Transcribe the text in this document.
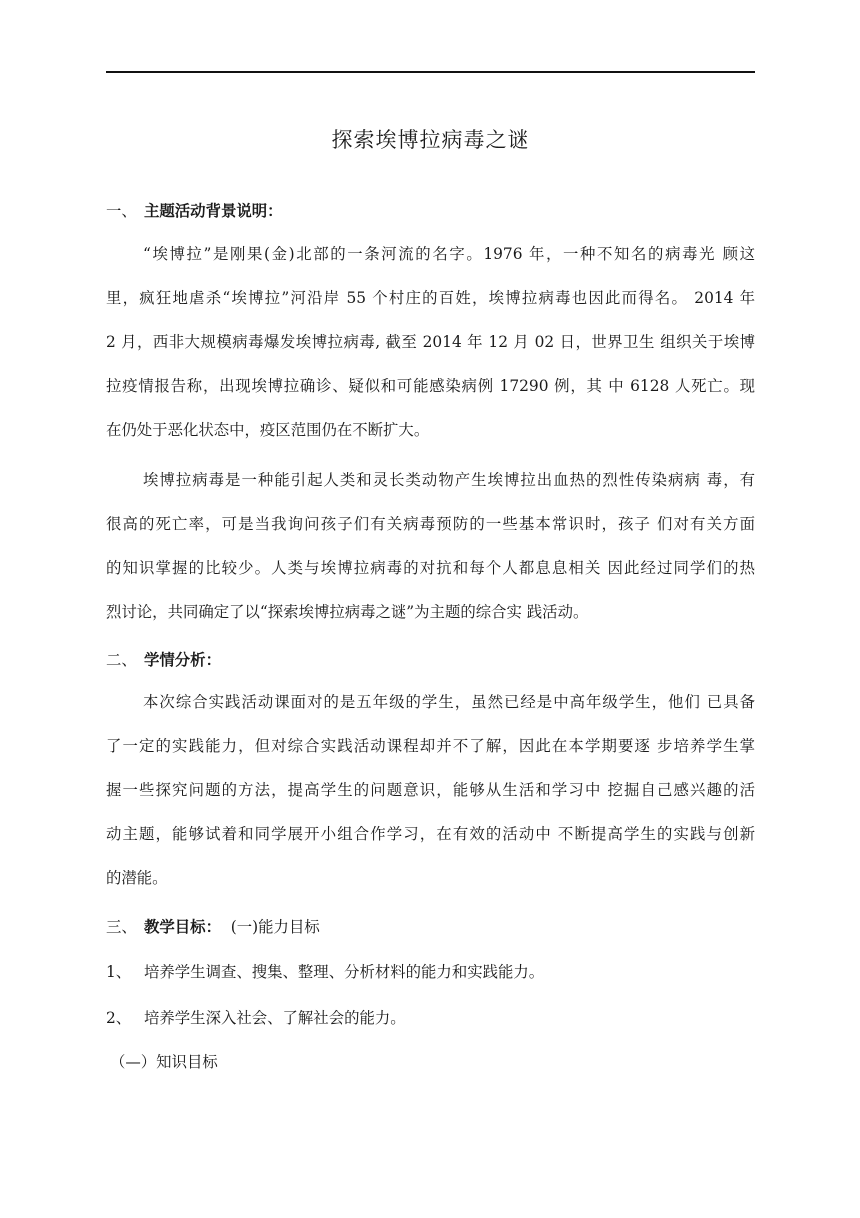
探索埃博拉病毒之谜
一、 主题活动背景说明：
“埃博拉”是刚果(金)北部的一条河流的名字。1976 年，一种不知名的病毒光 顾这
里，疯狂地虐杀“埃博拉”河沿岸 55 个村庄的百姓，埃博拉病毒也因此而得名。 2014 年
2 月，西非大规模病毒爆发埃博拉病毒, 截至 2014 年 12 月 02 日，世界卫生 组织关于埃博
拉疫情报告称，出现埃博拉确诊、疑似和可能感染病例 17290 例，其 中 6128 人死亡。现
在仍处于恶化状态中，疫区范围仍在不断扩大。
埃博拉病毒是一种能引起人类和灵长类动物产生埃博拉出血热的烈性传染病病 毒，有
很高的死亡率，可是当我询问孩子们有关病毒预防的一些基本常识时，孩子 们对有关方面
的知识掌握的比较少。人类与埃博拉病毒的对抗和每个人都息息相关 因此经过同学们的热
烈讨论，共同确定了以“探索埃博拉病毒之谜”为主题的综合实 践活动。
二、 学情分析：
本次综合实践活动课面对的是五年级的学生，虽然已经是中高年级学生，他们 已具备
了一定的实践能力，但对综合实践活动课程却并不了解，因此在本学期要逐 步培养学生掌
握一些探究问题的方法，提高学生的问题意识，能够从生活和学习中 挖掘自己感兴趣的活
动主题，能够试着和同学展开小组合作学习，在有效的活动中 不断提高学生的实践与创新
的潜能。
三、 教学目标： (一)能力目标
1、 培养学生调查、搜集、整理、分析材料的能力和实践能力。
2、 培养学生深入社会、了解社会的能力。
（—）知识目标
